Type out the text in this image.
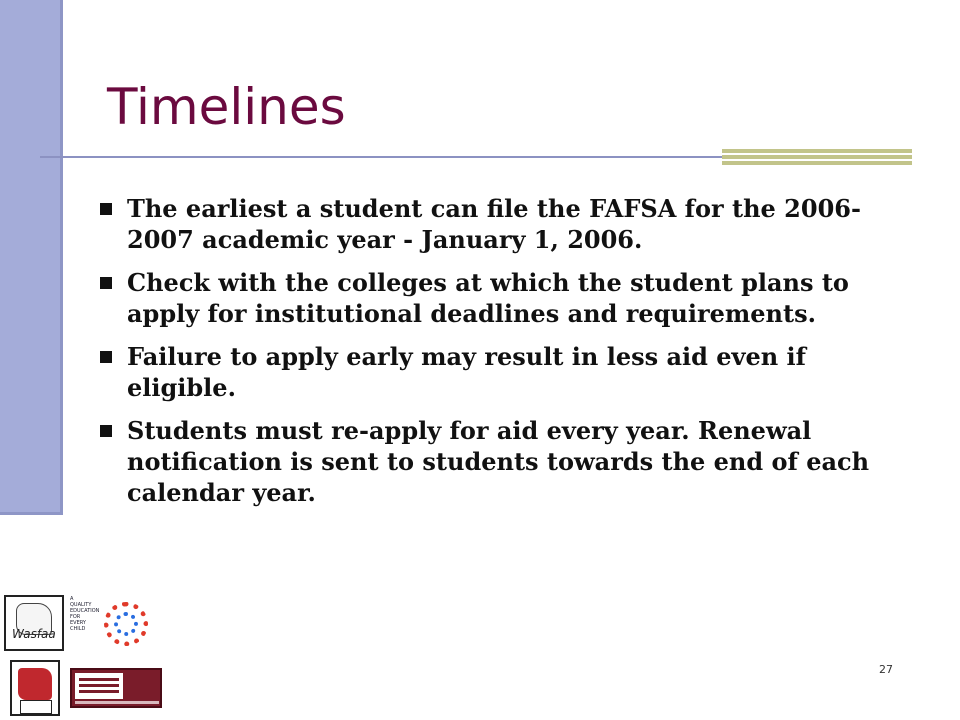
Timelines
The earliest a student can file the FAFSA for the 2006-2007 academic year - January 1, 2006.
Check with the colleges at which the student plans to apply for institutional deadlines and requirements.
Failure to apply early may result in less aid even if eligible.
Students must re-apply for aid every year. Renewal notification is sent to students towards the end of each calendar year.
Wasfaa
A QUALITY EDUCATION FOR EVERY CHILD
27
